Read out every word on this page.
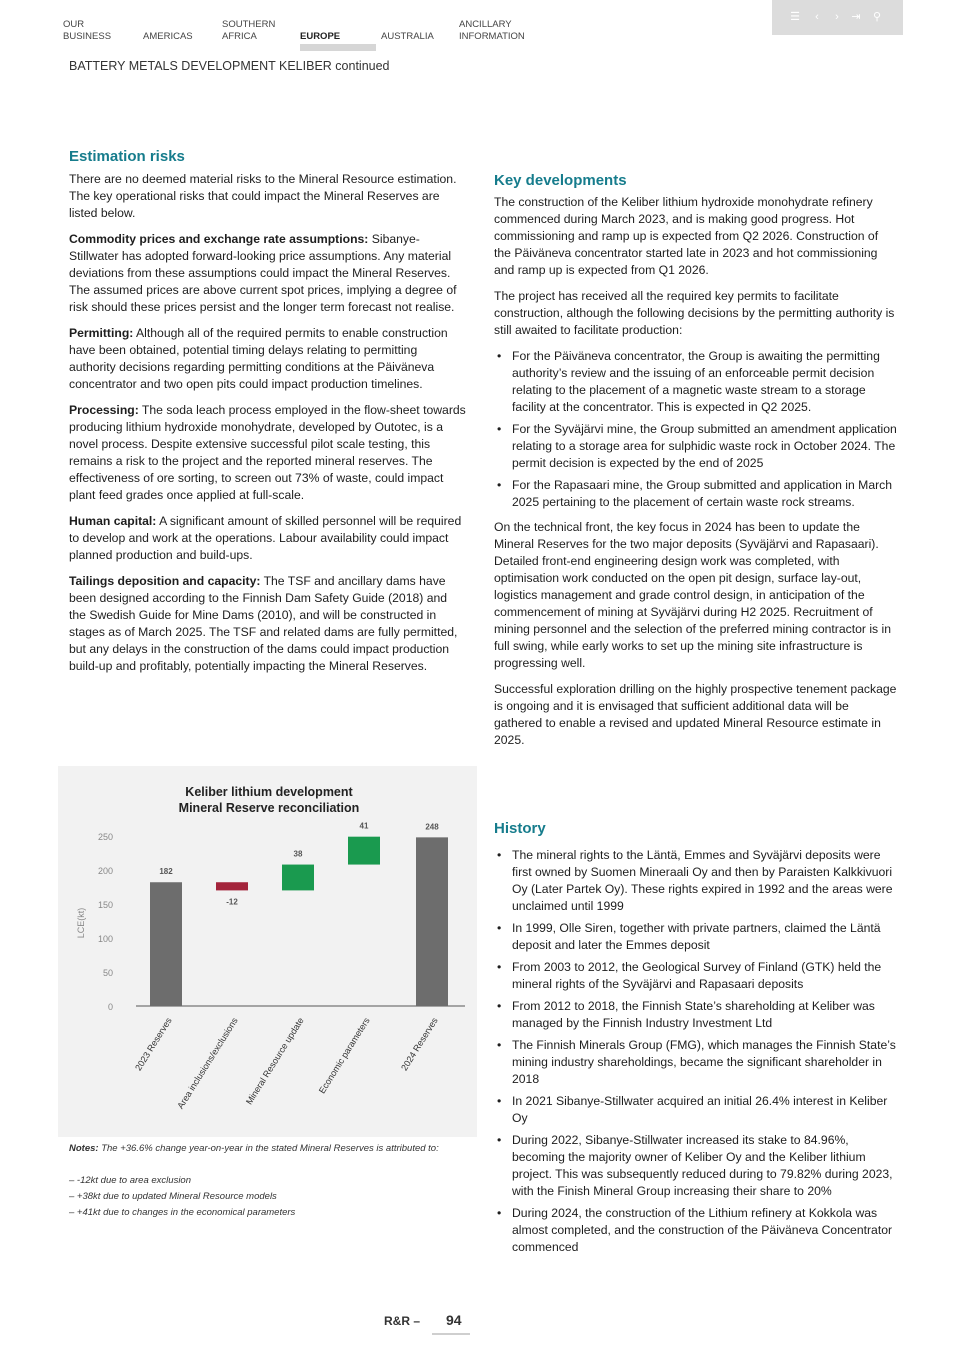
OUR
BUSINESS	AMERICAS
SOUTHERN
AFRICA	EUROPE	AUSTRALIA
ANCILLARY
INFORMATION
☰	‹	›	⇥ ⚲
BATTERY METALS DEVELOPMENT KELIBER continued
Estimation risks

There are no deemed material risks to the Mineral Resource estimation. The key operational risks that could impact the Mineral Reserves are listed below.

Commodity prices and exchange rate assumptions: Sibanye-Stillwater has adopted forward-looking price assumptions. Any material deviations from these assumptions could impact the Mineral Reserves. The assumed prices are above current spot prices, implying a degree of risk should these prices persist and the longer term forecast not realise.

Permitting: Although all of the required permits to enable construction have been obtained, potential timing delays relating to permitting authority decisions regarding permitting conditions at the Päiväneva concentrator and two open pits could impact production timelines.

Processing: The soda leach process employed in the flow-sheet towards producing lithium hydroxide monohydrate, developed by Outotec, is a novel process. Despite extensive successful pilot scale testing, this remains a risk to the project and the reported mineral reserves. The effectiveness of ore sorting, to screen out 73% of waste, could impact plant feed grades once applied at full-scale.

Human capital: A significant amount of skilled personnel will be required to develop and work at the operations. Labour availability could impact planned production and build-ups.

Tailings deposition and capacity: The TSF and ancillary dams have been designed according to the Finnish Dam Safety Guide (2018) and the Swedish Guide for Mine Dams (2010), and will be constructed in stages as of March 2025. The TSF and related dams are fully permitted, but any delays in the construction of the dams could impact production build-up and profitably, potentially impacting the Mineral Reserves.

Keliber lithium development
Mineral Reserve reconciliation
0
50
100
150
200
250
LCE(kt)
182
2023 Reserves
-12
Area inclusions/exclusions
38
Mineral Resource update
41
Economic parameters
248
2024 Reserves
Notes: The +36.6% change year-on-year in the stated Mineral Reserves is attributed to:
– -12kt due to area exclusion
– +38kt due to updated Mineral Resource models
– +41kt due to changes in the economical parameters
Key developments

The construction of the Keliber lithium hydroxide monohydrate refinery commenced during March 2023, and is making good progress. Hot commissioning and ramp up is expected from Q2 2026. Construction of the Päiväneva concentrator started late in 2023 and hot commissioning and ramp up is expected from Q1 2026.

The project has received all the required key permits to facilitate construction, although the following decisions by the permitting authority is still awaited to facilitate production:

• For the Päiväneva concentrator, the Group is awaiting the permitting authority’s review and the issuing of an enforceable permit decision relating to the placement of a magnetic waste stream to a storage facility at the concentrator. This is expected in Q2 2025.
• For the Syväjärvi mine, the Group submitted an amendment application relating to a storage area for sulphidic waste rock in October 2024. The permit decision is expected by the end of 2025
• For the Rapasaari mine, the Group submitted and application in March 2025 pertaining to the placement of certain waste rock streams.

On the technical front, the key focus in 2024 has been to update the Mineral Reserves for the two major deposits (Syväjärvi and Rapasaari). Detailed front-end engineering design work was completed, with optimisation work conducted on the open pit design, surface lay-out, logistics management and grade control design, in anticipation of the commencement of mining at Syväjärvi during H2 2025. Recruitment of mining personnel and the selection of the preferred mining contractor is in full swing, while early works to set up the mining site infrastructure is progressing well.

Successful exploration drilling on the highly prospective tenement package is ongoing and it is envisaged that sufficient additional data will be gathered to enable a revised and updated Mineral Resource estimate in 2025.

History
• The mineral rights to the Läntä, Emmes and Syväjärvi deposits were first owned by Suomen Mineraali Oy and then by Paraisten Kalkkivuori Oy (Later Partek Oy). These rights expired in 1992 and the areas were unclaimed until 1999
• In 1999, Olle Siren, together with private partners, claimed the Läntä deposit and later the Emmes deposit
• From 2003 to 2012, the Geological Survey of Finland (GTK) held the mineral rights of the Syväjärvi and Rapasaari deposits
• From 2012 to 2018, the Finnish State’s shareholding at Keliber was managed by the Finnish Industry Investment Ltd
• The Finnish Minerals Group (FMG), which manages the Finnish State’s mining industry shareholdings, became the significant shareholder in 2018
• In 2021 Sibanye-Stillwater acquired an initial 26.4% interest in Keliber Oy
• During 2022, Sibanye-Stillwater increased its stake to 84.96%, becoming the majority owner of Keliber Oy and the Keliber lithium project. This was subsequently reduced during to 79.82% during 2023, with the Finish Mineral Group increasing their share to 20%
• During 2024, the construction of the Lithium refinery at Kokkola was almost completed, and the construction of the Päiväneva Concentrator commenced
R&R – 94
